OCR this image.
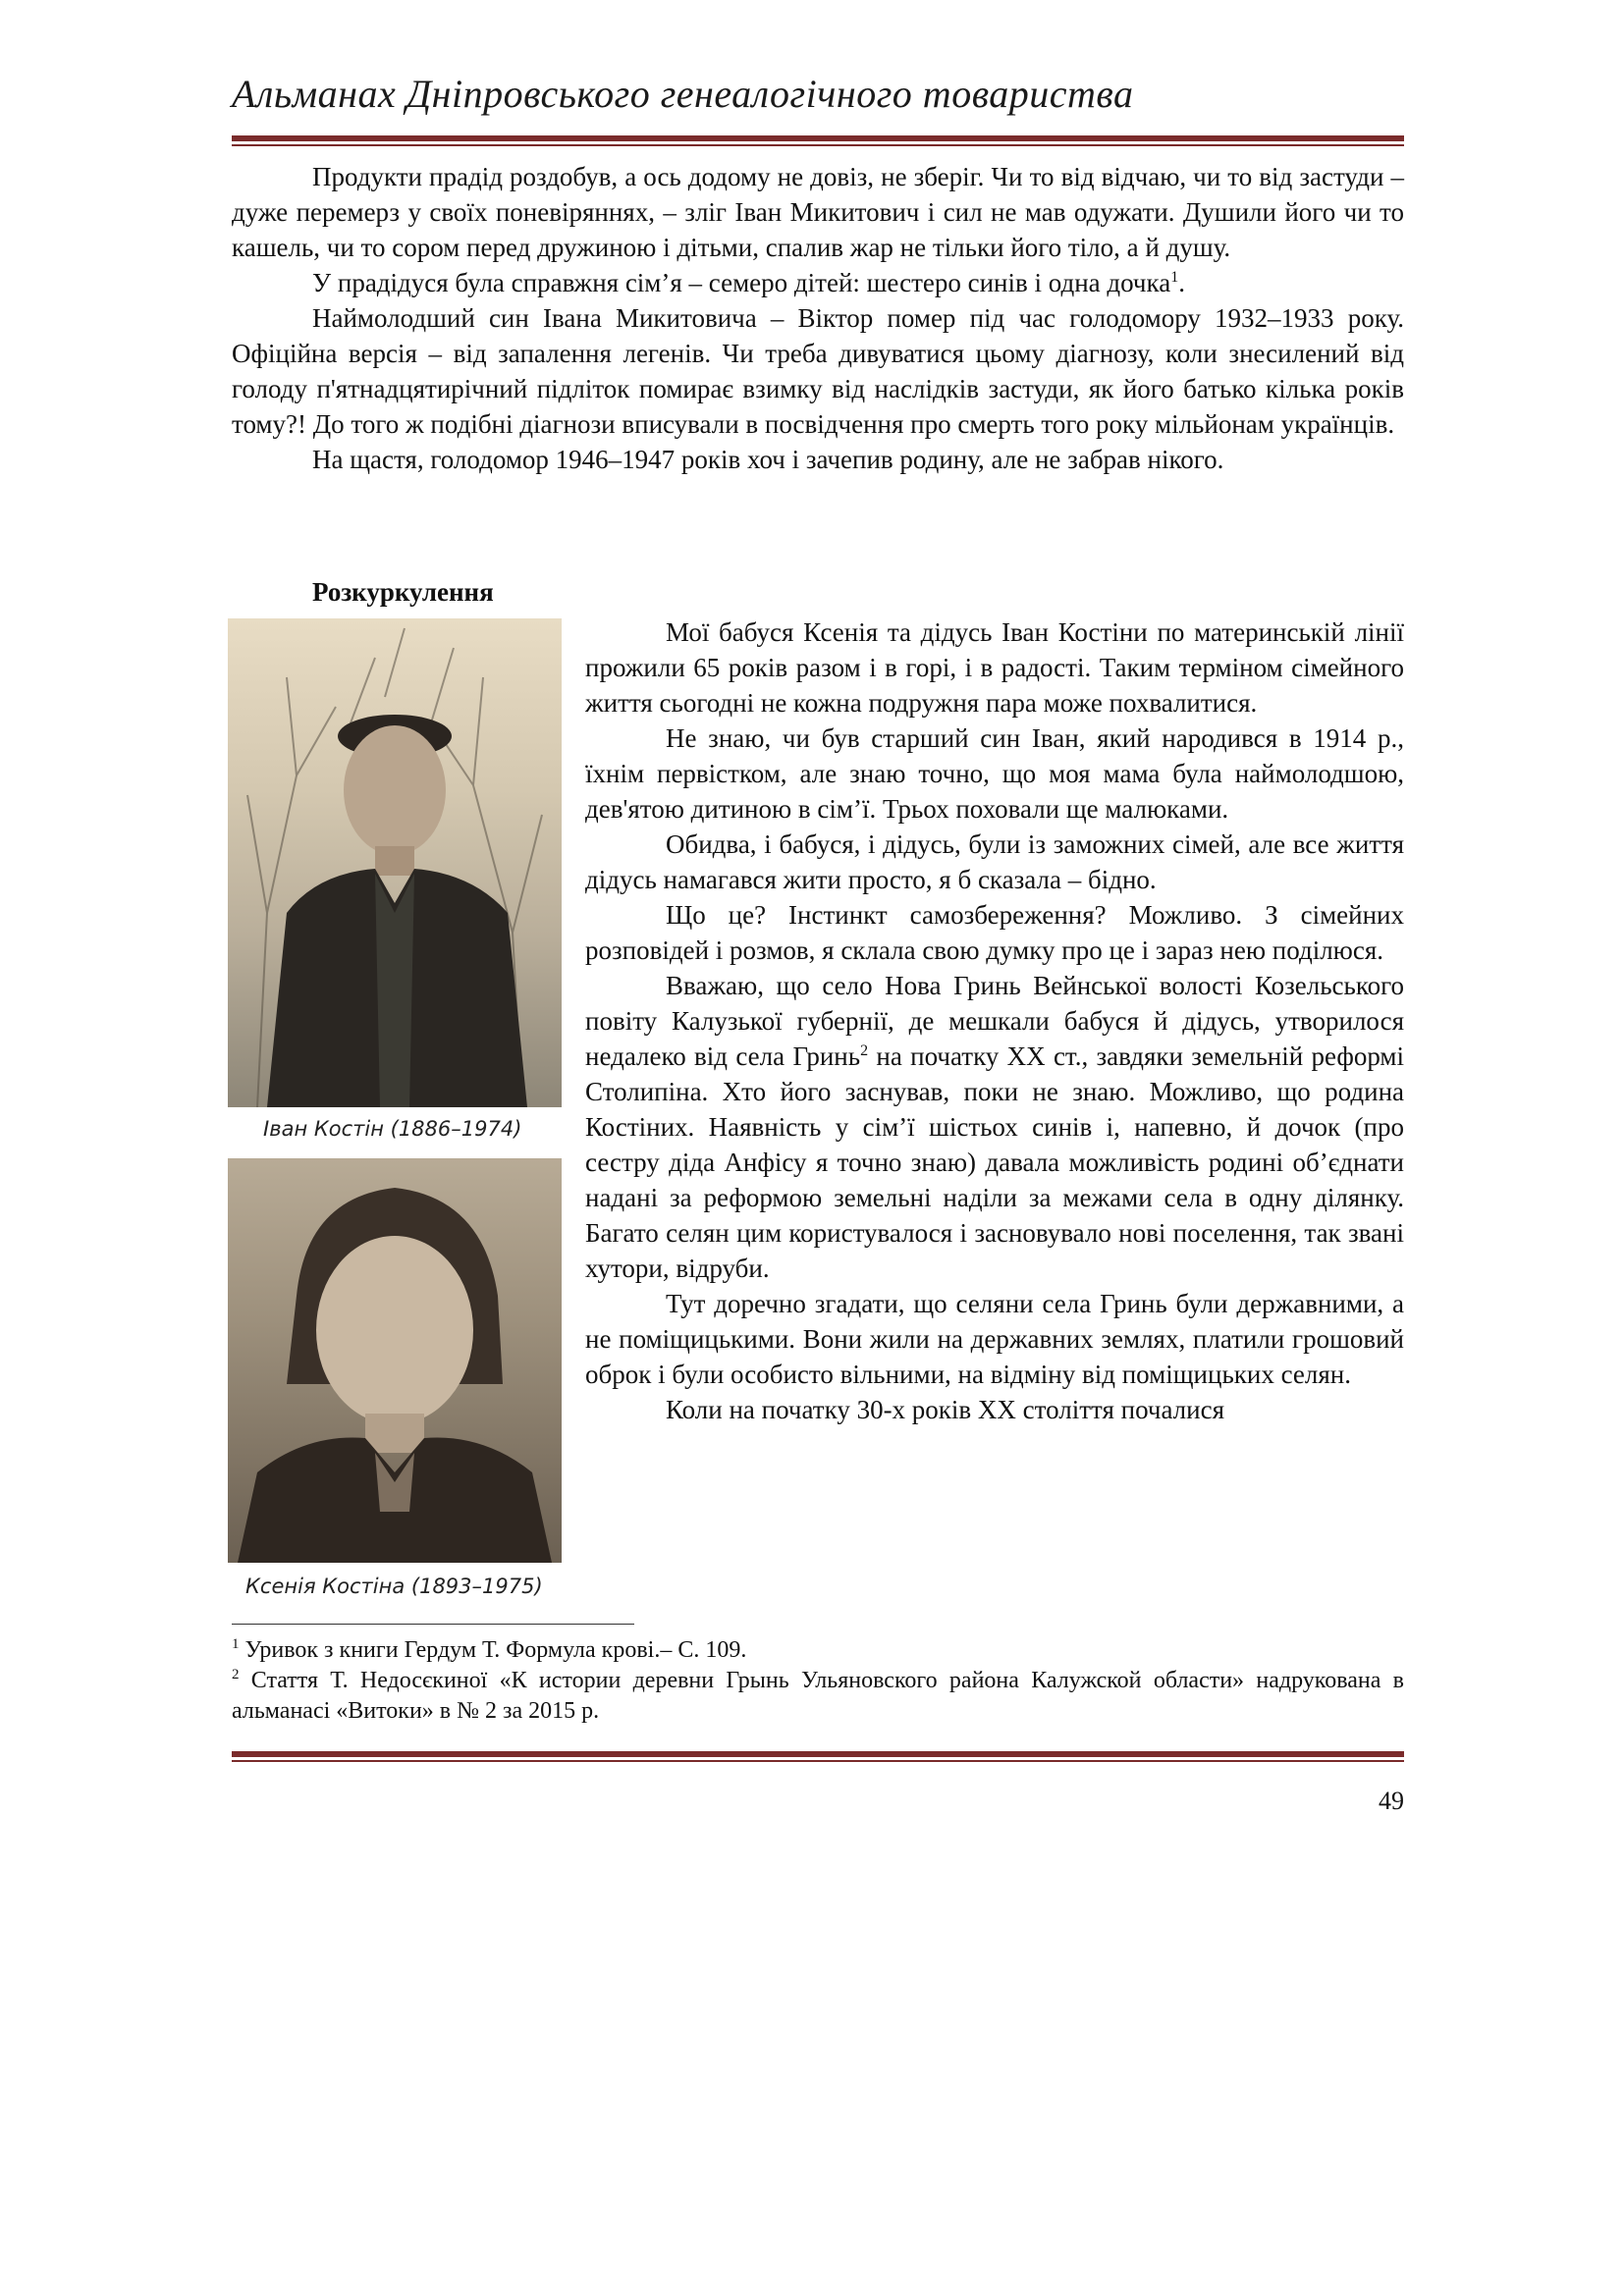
Альманах Дніпровського генеалогічного товариства

Продукти прадід роздобув, а ось додому не довіз, не зберіг. Чи то від відчаю, чи то від застуди – дуже перемерз у своїх поневіряннях, – зліг Іван Микитович і сил не мав одужати. Душили його чи то кашель, чи то сором перед дружиною і дітьми, спалив жар не тільки його тіло, а й душу.

У прадідуся була справжня сім’я – семеро дітей: шестеро синів і одна дочка$^1$.

Наймолодший син Івана Микитовича – Віктор помер під час голодомору 1932–1933 року. Офіційна версія – від запалення легенів. Чи треба дивуватися цьому діагнозу, коли знесилений від голоду п'ятнадцятирічний підліток помирає взимку від наслідків застуди, як його батько кілька років тому?! До того ж подібні діагнози вписували в посвідчення про смерть того року мільйонам українців.

На щастя, голодомор 1946–1947 років хоч і зачепив родину, але не забрав нікого.

Розкуркулення
Іван Костін (1886–1974)
Ксенія Костіна (1893–1975)

Мої бабуся Ксенія та дідусь Іван Костіни по материнській лінії прожили 65 років разом і в горі, і в радості. Таким терміном сімейного життя сьогодні не кожна подружня пара може похвалитися.

Не знаю, чи був старший син Іван, який народився в 1914 р., їхнім первістком, але знаю точно, що моя мама була наймолодшою, дев'ятою дитиною в сім’ї. Трьох поховали ще малюками.

Обидва, і бабуся, і дідусь, були із заможних сімей, але все життя дідусь намагався жити просто, я б сказала – бідно.

Що це? Інстинкт самозбереження? Можливо. З сімейних розповідей і розмов, я склала свою думку про це і зараз нею поділюся.

Вважаю, що село Нова Гринь Вейнської волості Козельського повіту Калузької губернії, де мешкали бабуся й дідусь, утворилося недалеко від села Гринь$^2$ на початку ХХ ст., завдяки земельній реформі Столипіна. Хто його заснував, поки не знаю. Можливо, що родина Костіних. Наявність у сім’ї шістьох синів і, напевно, й дочок (про сестру діда Анфісу я точно знаю) давала можливість родині об’єднати надані за реформою земельні наділи за межами села в одну ділянку. Багато селян цим користувалося і засновувало нові поселення, так звані хутори, відруби.

Тут доречно згадати, що селяни села Гринь були державними, а не поміщицькими. Вони жили на державних землях, платили грошовий оброк і були особисто вільними, на відміну від поміщицьких селян.

Коли на початку 30-х років ХХ століття почалися

$^1$ Уривок з книги Гердум Т. Формула крові.– С. 109.

$^2$ Стаття Т. Недосєкиної «К истории деревни Грынь Ульяновского района Калужской области» надрукована в альманасі «Витоки» в № 2 за 2015 р.

49
